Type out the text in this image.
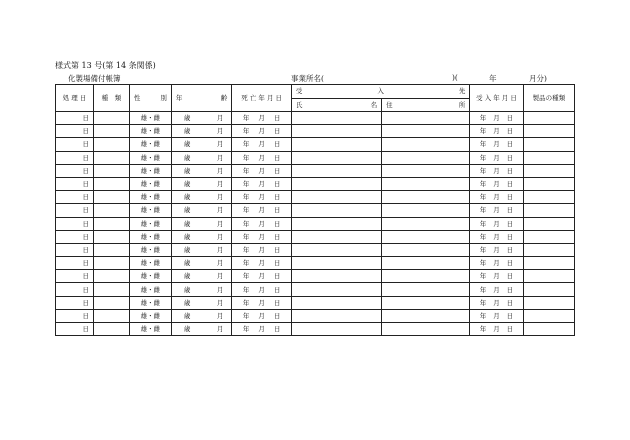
様式第 13 号(第 14 条関係)
化製場備付帳簿	事業所名(	)(	年	月分)
処 理 日	種　類	性 別	年 齢	死 亡 年 月 日	受 入 先		受 入 年 月 日	製品の種類

					氏 名	住 所		

日		雄・雌	歳 月	年 月 日			年 月 日	

日		雄・雌	歳 月	年 月 日			年 月 日	

日		雄・雌	歳 月	年 月 日			年 月 日	

日		雄・雌	歳 月	年 月 日			年 月 日	

日		雄・雌	歳 月	年 月 日			年 月 日	

日		雄・雌	歳 月	年 月 日			年 月 日	

日		雄・雌	歳 月	年 月 日			年 月 日	

日		雄・雌	歳 月	年 月 日			年 月 日	

日		雄・雌	歳 月	年 月 日			年 月 日	

日		雄・雌	歳 月	年 月 日			年 月 日	

日		雄・雌	歳 月	年 月 日			年 月 日	

日		雄・雌	歳 月	年 月 日			年 月 日	

日		雄・雌	歳 月	年 月 日			年 月 日	

日		雄・雌	歳 月	年 月 日			年 月 日	

日		雄・雌	歳 月	年 月 日			年 月 日	

日		雄・雌	歳 月	年 月 日			年 月 日	

日		雄・雌	歳 月	年 月 日			年 月 日	
